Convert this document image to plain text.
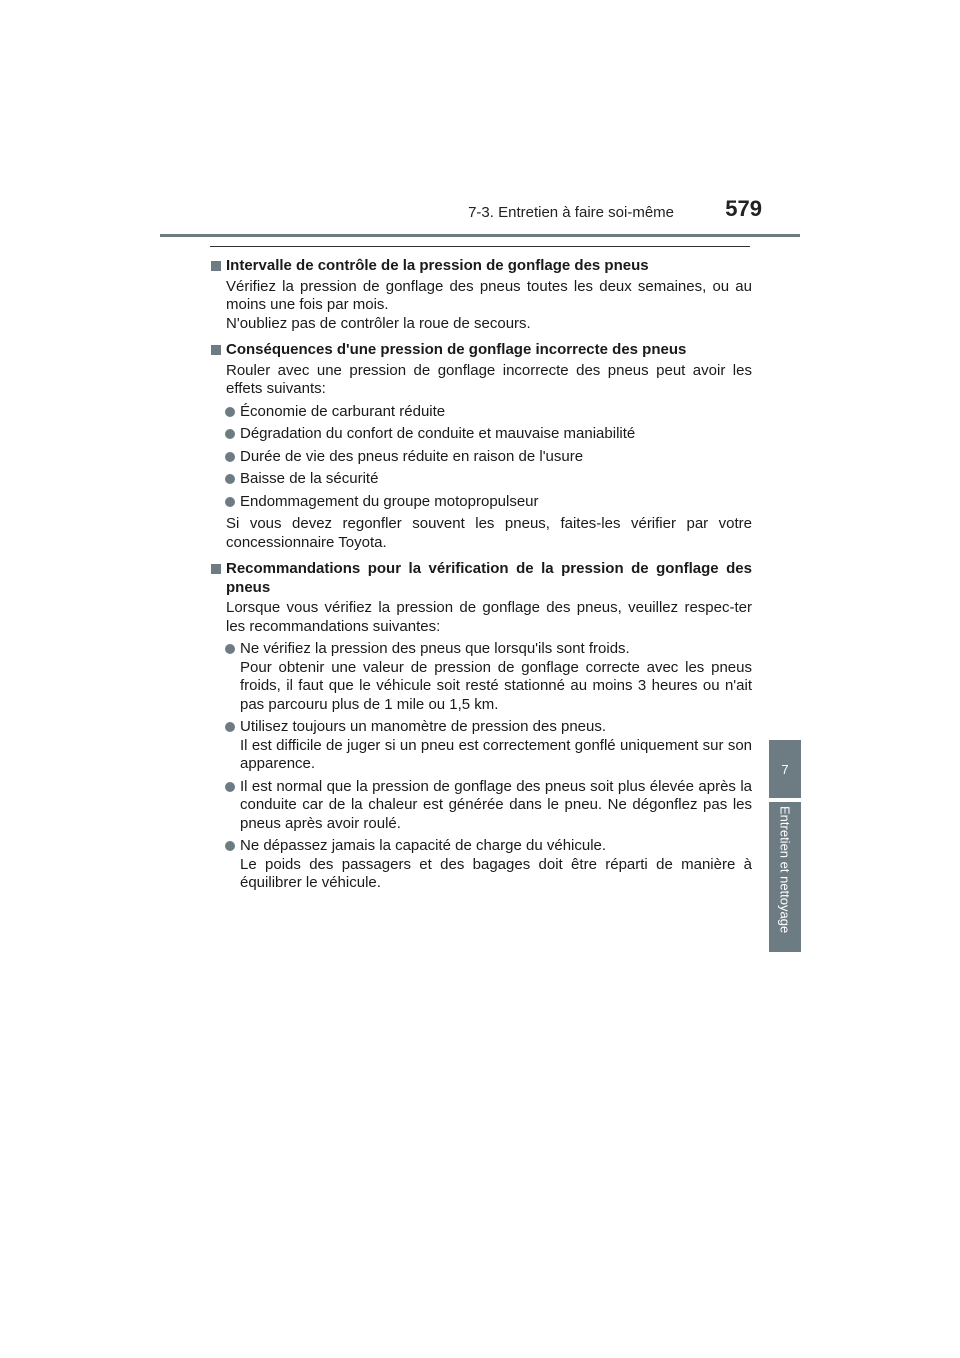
7-3. Entretien à faire soi-même	579
7
Entretien et nettoyage
Intervalle de contrôle de la pression de gonflage des pneus
Vérifiez la pression de gonflage des pneus toutes les deux semaines, ou au moins une fois par mois.
N'oubliez pas de contrôler la roue de secours.
Conséquences d'une pression de gonflage incorrecte des pneus
Rouler avec une pression de gonflage incorrecte des pneus peut avoir les effets suivants:
Économie de carburant réduite
Dégradation du confort de conduite et mauvaise maniabilité
Durée de vie des pneus réduite en raison de l'usure
Baisse de la sécurité
Endommagement du groupe motopropulseur
Si vous devez regonfler souvent les pneus, faites-les vérifier par votre concessionnaire Toyota.
Recommandations pour la vérification de la pression de gonflage des pneus
Lorsque vous vérifiez la pression de gonflage des pneus, veuillez respec-ter les recommandations suivantes:
Ne vérifiez la pression des pneus que lorsqu'ils sont froids.
Pour obtenir une valeur de pression de gonflage correcte avec les pneus froids, il faut que le véhicule soit resté stationné au moins 3 heures ou n'ait pas parcouru plus de 1 mile ou 1,5 km.
Utilisez toujours un manomètre de pression des pneus.
Il est difficile de juger si un pneu est correctement gonflé uniquement sur son apparence.
Il est normal que la pression de gonflage des pneus soit plus élevée après la conduite car de la chaleur est générée dans le pneu. Ne dégonflez pas les pneus après avoir roulé.
Ne dépassez jamais la capacité de charge du véhicule.
Le poids des passagers et des bagages doit être réparti de manière à équilibrer le véhicule.
